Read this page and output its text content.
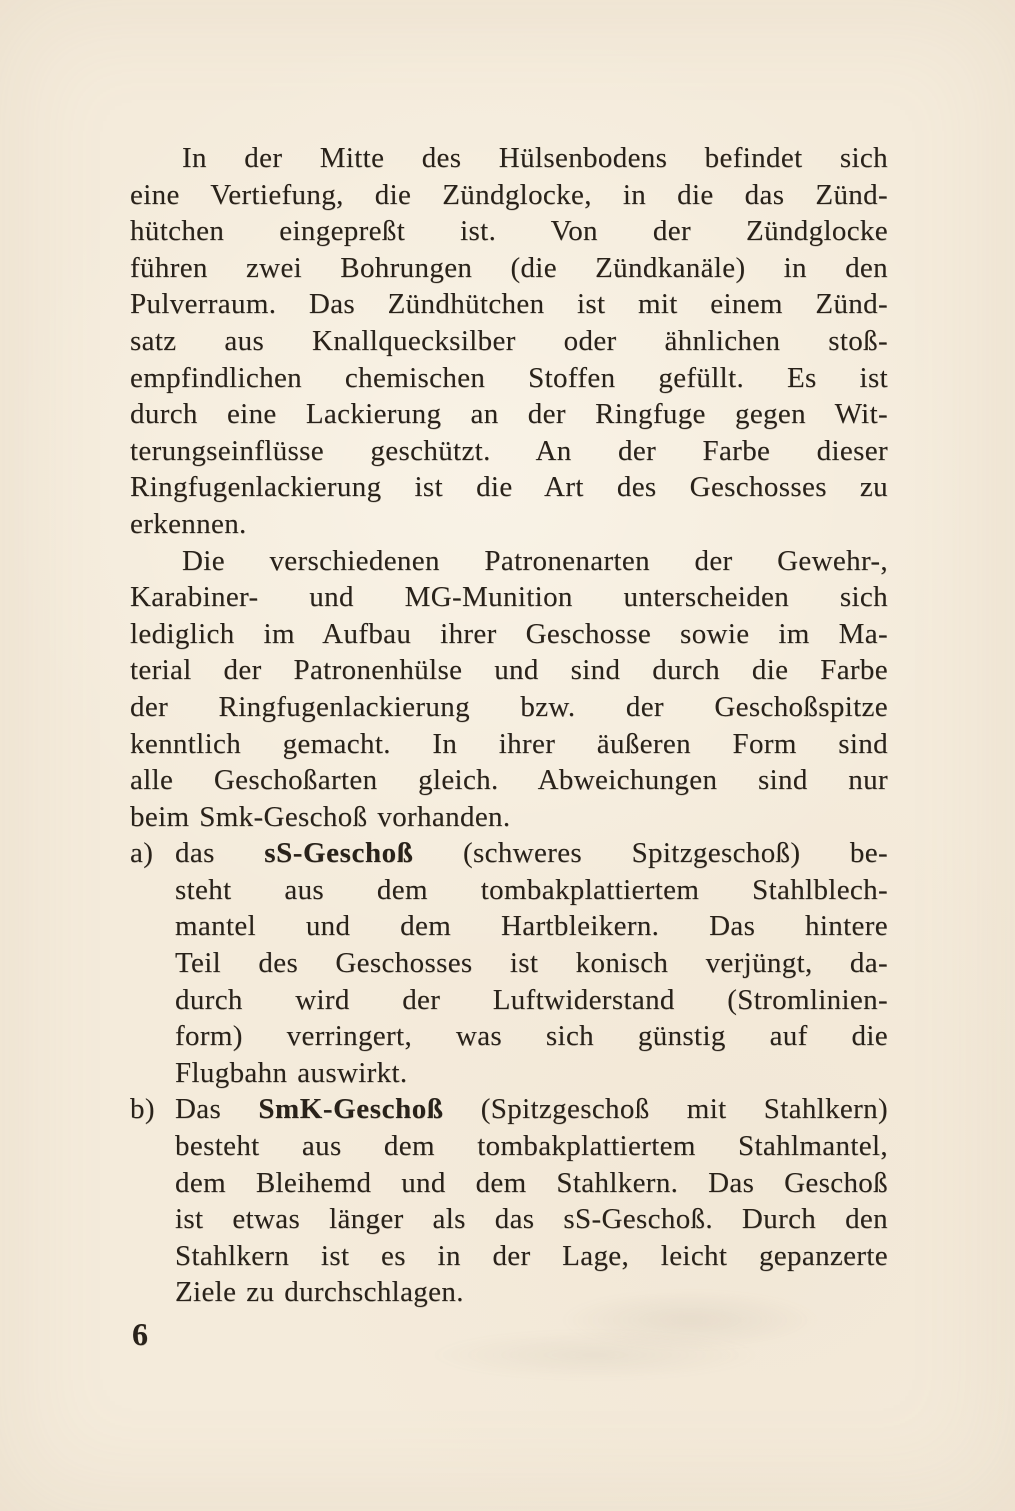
In der Mitte des Hülsenbodens befindet sich
eine Vertiefung, die Zündglocke, in die das Zünd-
hütchen eingepreßt ist. Von der Zündglocke
führen zwei Bohrungen (die Zündkanäle) in den
Pulverraum. Das Zündhütchen ist mit einem Zünd-
satz aus Knallquecksilber oder ähnlichen stoß-
empfindlichen chemischen Stoffen gefüllt. Es ist
durch eine Lackierung an der Ringfuge gegen Wit-
terungseinflüsse geschützt. An der Farbe dieser
Ringfugenlackierung ist die Art des Geschosses zu
erkennen.
Die verschiedenen Patronenarten der Gewehr-,
Karabiner- und MG-Munition unterscheiden sich
lediglich im Aufbau ihrer Geschosse sowie im Ma-
terial der Patronenhülse und sind durch die Farbe
der Ringfugenlackierung bzw. der Geschoßspitze
kenntlich gemacht. In ihrer äußeren Form sind
alle Geschoßarten gleich. Abweichungen sind nur
beim Smk-Geschoß vorhanden.
a) das sS-Geschoß (schweres Spitzgeschoß) be-
steht aus dem tombakplattiertem Stahlblech-
mantel und dem Hartbleikern. Das hintere
Teil des Geschosses ist konisch verjüngt, da-
durch wird der Luftwiderstand (Stromlinien-
form) verringert, was sich günstig auf die
Flugbahn auswirkt.
b) Das SmK-Geschoß (Spitzgeschoß mit Stahlkern)
besteht aus dem tombakplattiertem Stahlmantel,
dem Bleihemd und dem Stahlkern. Das Geschoß
ist etwas länger als das sS-Geschoß. Durch den
Stahlkern ist es in der Lage, leicht gepanzerte
Ziele zu durchschlagen.
6
